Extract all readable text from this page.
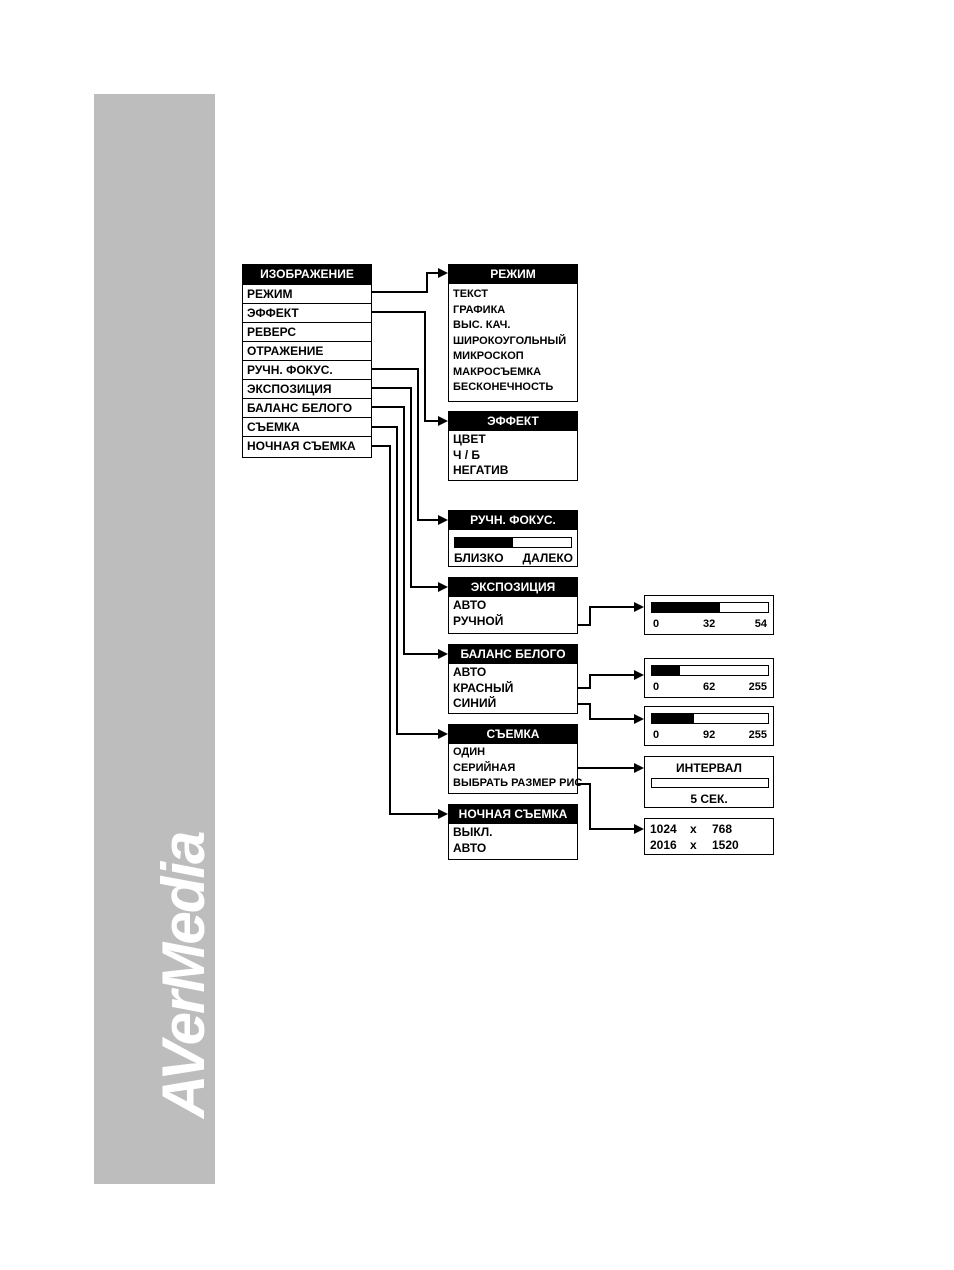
AVerMedia
ИЗОБРАЖЕНИЕ
РЕЖИМ
ЭФФЕКТ
РЕВЕРС
ОТРАЖЕНИЕ
РУЧН. ФОКУС.
ЭКСПОЗИЦИЯ
БАЛАНС БЕЛОГО
СЪЕМКА
НОЧНАЯ СЪЕМКА
РЕЖИМ
ТЕКСТ
ГРАФИКА
ВЫС. КАЧ.
ШИРОКОУГОЛЬНЫЙ
МИКРОСКОП
МАКРОСЪЕМКА
БЕСКОНЕЧНОСТЬ
ЭФФЕКТ
ЦВЕТ
Ч / Б
НЕГАТИВ
РУЧН. ФОКУС.
БЛИЗКО ДАЛЕКО
ЭКСПОЗИЦИЯ
АВТО
РУЧНОЙ	0	32	54
БАЛАНС БЕЛОГО
АВТО
КРАСНЫЙ
СИНИЙ
0	62	255
0	92	255
СЪЕМКА
ОДИН
СЕРИЙНАЯ
ВЫБРАТЬ РАЗМЕР РИС
ИНТЕРВАЛ
5 СЕК.
1024 x 768
2016 x 1520
НОЧНАЯ СЪЕМКА
ВЫКЛ.
АВТО
